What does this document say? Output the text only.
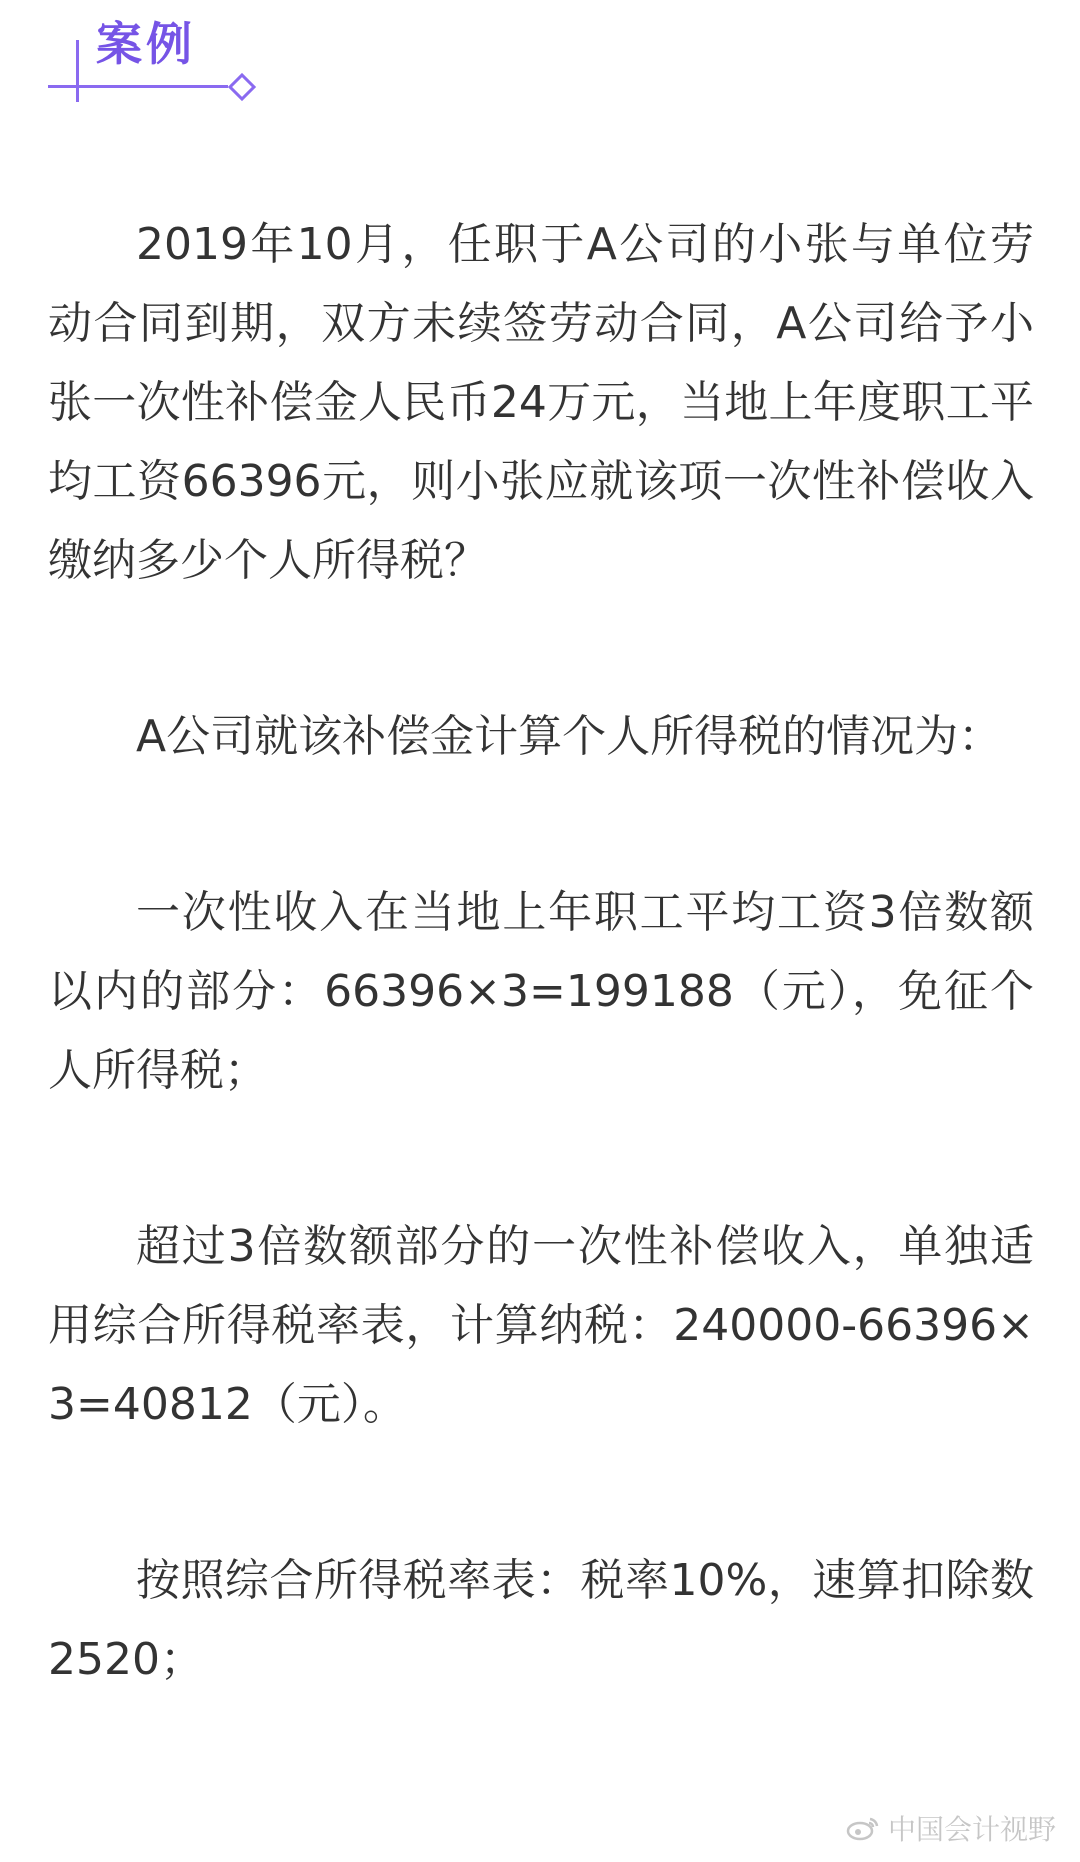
案例

2019年10月，任职于A公司的小张与单位劳动合同到期，双方未续签劳动合同，A公司给予小张一次性补偿金人民币24万元，当地上年度职工平均工资66396元，则小张应就该项一次性补偿收入缴纳多少个人所得税？

A公司就该补偿金计算个人所得税的情况为：

一次性收入在当地上年职工平均工资3倍数额以内的部分：66396×3=199188（元），免征个人所得税；

超过3倍数额部分的一次性补偿收入，单独适用综合所得税率表，计算纳税：240000-66396×3=40812（元）。

按照综合所得税率表：税率10%，速算扣除数2520；

中国会计视野
